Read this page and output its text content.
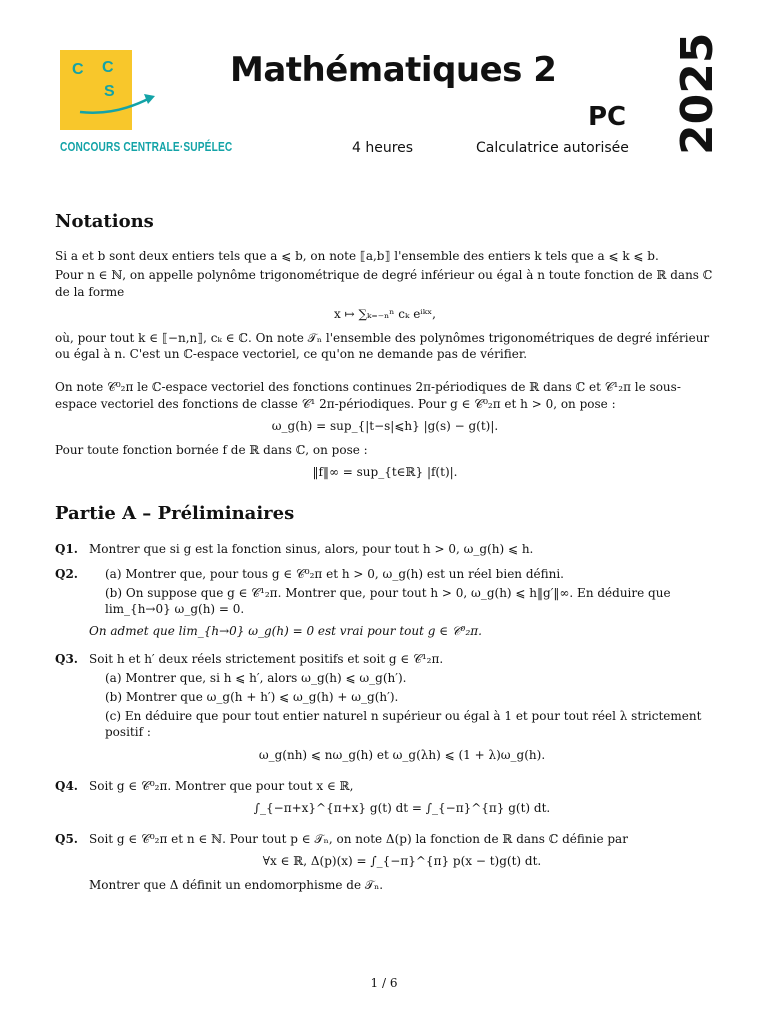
C C
S
CONCOURS CENTRALE·SUPÉLEC
Mathématiques 2
PC 2025
4 heures	Calculatrice autorisée
Notations

Si a et b sont deux entiers tels que a ⩽ b, on note ⟦a,b⟧ l'ensemble des entiers k tels que a ⩽ k ⩽ b.

Pour n ∈ ℕ, on appelle polynôme trigonométrique de degré inférieur ou égal à n toute fonction de ℝ dans ℂ de la forme

x ↦ ∑ₖ₌₋ₙⁿ cₖ eⁱᵏˣ,

où, pour tout k ∈ ⟦−n,n⟧, cₖ ∈ ℂ. On note 𝒯ₙ l'ensemble des polynômes trigonométriques de degré inférieur ou égal à n. C'est un ℂ-espace vectoriel, ce qu'on ne demande pas de vérifier.

On note 𝒞⁰₂π le ℂ-espace vectoriel des fonctions continues 2π-périodiques de ℝ dans ℂ et 𝒞¹₂π le sous-espace vectoriel des fonctions de classe 𝒞¹ 2π-périodiques. Pour g ∈ 𝒞⁰₂π et h > 0, on pose :

ω_g(h) = sup_{|t−s|⩽h} |g(s) − g(t)|.

Pour toute fonction bornée f de ℝ dans ℂ, on pose :

‖f‖∞ = sup_{t∈ℝ} |f(t)|.
Partie A – Préliminaires
Q1. Montrer que si g est la fonction sinus, alors, pour tout h > 0, ω_g(h) ⩽ h.
Q2.	(a) Montrer que, pour tous g ∈ 𝒞⁰₂π et h > 0, ω_g(h) est un réel bien défini.

(b) On suppose que g ∈ 𝒞¹₂π. Montrer que, pour tout h > 0, ω_g(h) ⩽ h‖g′‖∞. En déduire que lim_{h→0} ω_g(h) = 0.

On admet que lim_{h→0} ω_g(h) = 0 est vrai pour tout g ∈ 𝒞⁰₂π.

Q3. Soit h et h′ deux réels strictement positifs et soit g ∈ 𝒞¹₂π.

(a) Montrer que, si h ⩽ h′, alors ω_g(h) ⩽ ω_g(h′).

(b) Montrer que ω_g(h + h′) ⩽ ω_g(h) + ω_g(h′).

(c) En déduire que pour tout entier naturel n supérieur ou égal à 1 et pour tout réel λ strictement positif :

ω_g(nh) ⩽ nω_g(h) et ω_g(λh) ⩽ (1 + λ)ω_g(h).
Q4. Soit g ∈ 𝒞⁰₂π. Montrer que pour tout x ∈ ℝ,

∫_{−π+x}^{π+x} g(t) dt = ∫_{−π}^{π} g(t) dt.
Q5. Soit g ∈ 𝒞⁰₂π et n ∈ ℕ. Pour tout p ∈ 𝒯ₙ, on note Δ(p) la fonction de ℝ dans ℂ définie par

∀x ∈ ℝ, Δ(p)(x) = ∫_{−π}^{π} p(x − t)g(t) dt.

Montrer que Δ définit un endomorphisme de 𝒯ₙ.

1 / 6
